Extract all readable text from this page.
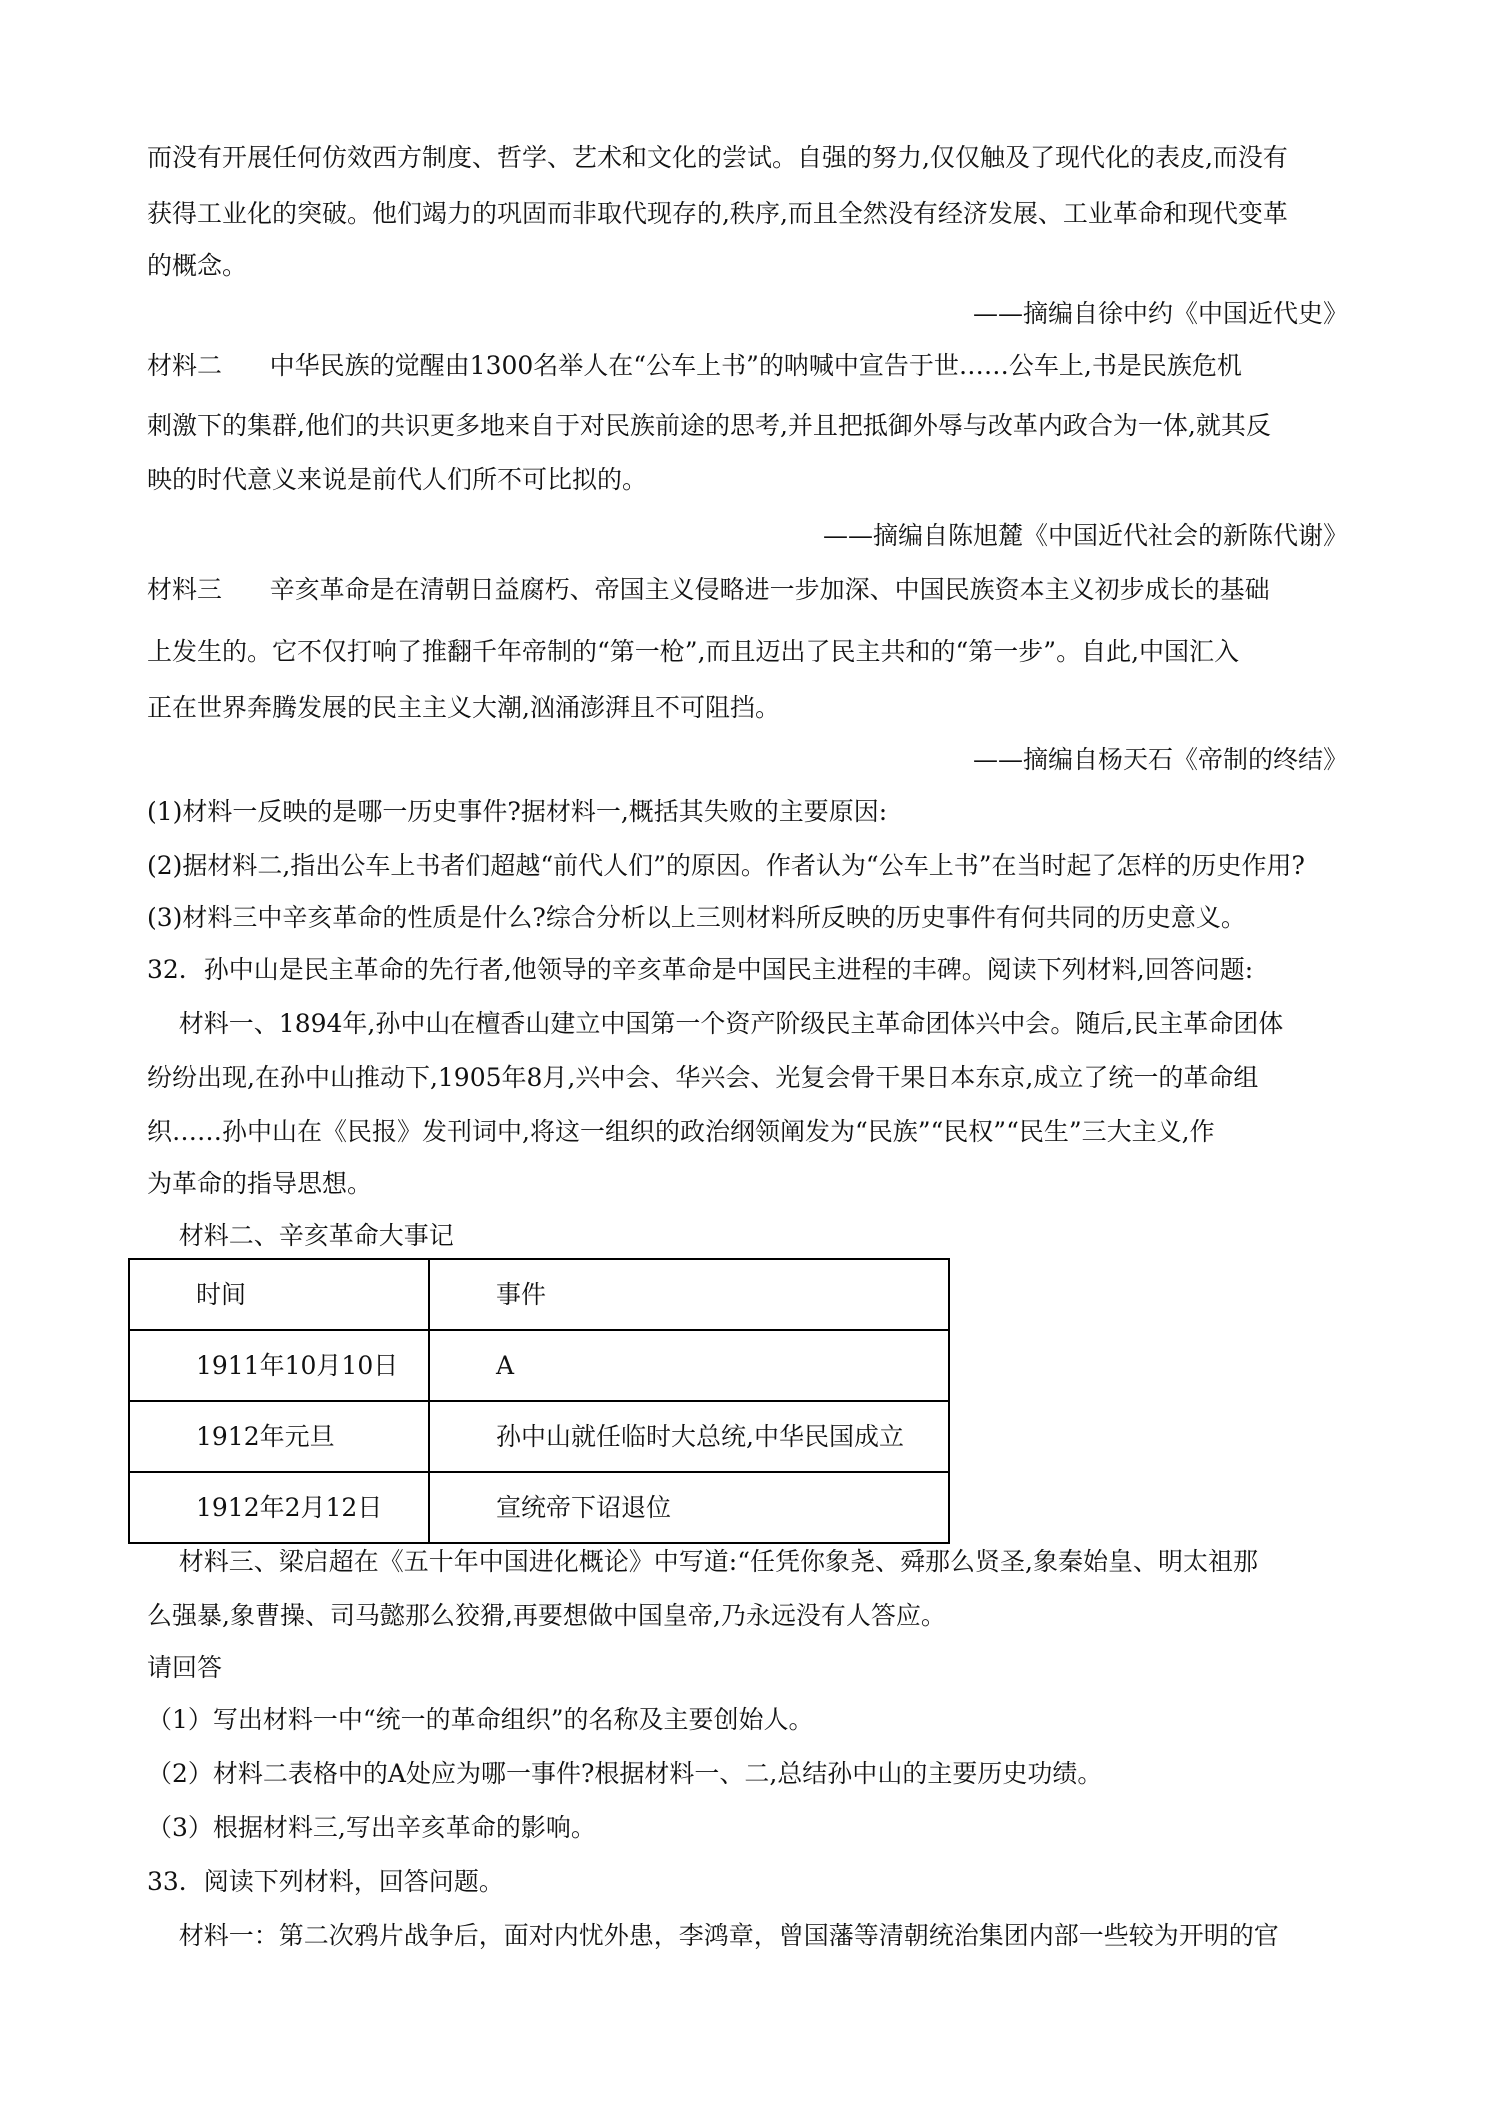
而没有开展任何仿效西方制度、哲学、艺术和文化的尝试。自强的努力,仅仅触及了现代化的表皮,而没有
获得工业化的突破。他们竭力的巩固而非取代现存的,秩序,而且全然没有经济发展、工业革命和现代变革
的概念。
——摘编自徐中约《中国近代史》
材料二      中华民族的觉醒由1300名举人在“公车上书”的呐喊中宣告于世……公车上,书是民族危机
刺激下的集群,他们的共识更多地来自于对民族前途的思考,并且把抵御外辱与改革内政合为一体,就其反
映的时代意义来说是前代人们所不可比拟的。
——摘编自陈旭麓《中国近代社会的新陈代谢》
材料三      辛亥革命是在清朝日益腐朽、帝国主义侵略进一步加深、中国民族资本主义初步成长的基础
上发生的。它不仅打响了推翻千年帝制的“第一枪”,而且迈出了民主共和的“第一步”。自此,中国汇入
正在世界奔腾发展的民主主义大潮,汹涌澎湃且不可阻挡。
——摘编自杨天石《帝制的终结》
(1)材料一反映的是哪一历史事件?据材料一,概括其失败的主要原因:
(2)据材料二,指出公车上书者们超越“前代人们”的原因。作者认为“公车上书”在当时起了怎样的历史作用?
(3)材料三中辛亥革命的性质是什么?综合分析以上三则材料所反映的历史事件有何共同的历史意义。
32．孙中山是民主革命的先行者,他领导的辛亥革命是中国民主进程的丰碑。阅读下列材料,回答问题:
材料一、1894年,孙中山在檀香山建立中国第一个资产阶级民主革命团体兴中会。随后,民主革命团体
纷纷出现,在孙中山推动下,1905年8月,兴中会、华兴会、光复会骨干果日本东京,成立了统一的革命组
织……孙中山在《民报》发刊词中,将这一组织的政治纲领阐发为“民族”“民权”“民生”三大主义,作
为革命的指导思想。
材料二、辛亥革命大事记
时间	事件
1911年10月10日	A
1912年元旦	孙中山就任临时大总统,中华民国成立
1912年2月12日	宣统帝下诏退位
材料三、梁启超在《五十年中国进化概论》中写道:“任凭你象尧、舜那么贤圣,象秦始皇、明太祖那
么强暴,象曹操、司马懿那么狡猾,再要想做中国皇帝,乃永远没有人答应。
请回答
（1）写出材料一中“统一的革命组织”的名称及主要创始人。
（2）材料二表格中的A处应为哪一事件?根据材料一、二,总结孙中山的主要历史功绩。
（3）根据材料三,写出辛亥革命的影响。
33．阅读下列材料，回答问题。
材料一：第二次鸦片战争后，面对内忧外患，李鸿章，曾国藩等清朝统治集团内部一些较为开明的官
